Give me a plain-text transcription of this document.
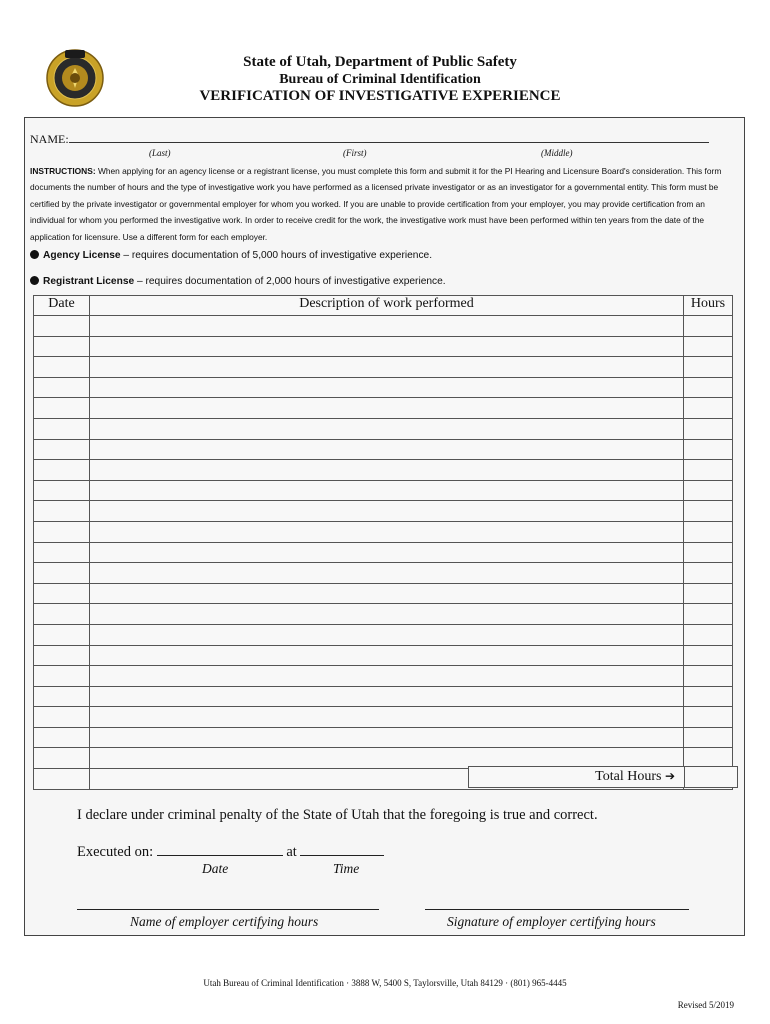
State of Utah, Department of Public Safety
Bureau of Criminal Identification
VERIFICATION OF INVESTIGATIVE EXPERIENCE
NAME:
(Last)	(First)	(Middle)
INSTRUCTIONS: When applying for an agency license or a registrant license, you must complete this form and submit it for the PI Hearing and Licensure Board's consideration. This form documents the number of hours and the type of investigative work you have performed as a licensed private investigator or as an investigator for a governmental entity. This form must be certified by the private investigator or governmental employer for whom you worked. If you are unable to provide certification from your employer, you may provide certification from an individual for whom you performed the investigative work. In order to receive credit for the work, the investigative work must have been performed within ten years from the date of the application for licensure. Use a different form for each employer.
Agency License – requires documentation of 5,000 hours of investigative experience.
Registrant License – requires documentation of 2,000 hours of investigative experience.
Date	Description of work performed	Hours

Total Hours ➔
I declare under criminal penalty of the State of Utah that the foregoing is true and correct.
Executed on:	at
Date	Time
Name of employer certifying hours	Signature of employer certifying hours
Utah Bureau of Criminal Identification · 3888 W, 5400 S, Taylorsville, Utah 84129 · (801) 965-4445
Revised 5/2019
